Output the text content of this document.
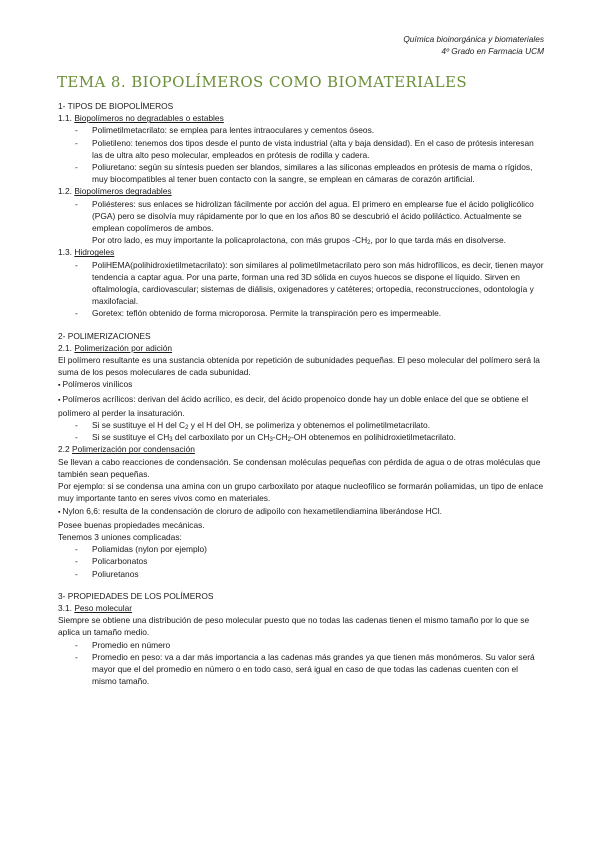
Química bioinorgánica y biomateriales
4º Grado en Farmacia UCM
TEMA 8. BIOPOLÍMEROS COMO BIOMATERIALES

1- TIPOS DE BIOPOLÍMEROS

1.1. Biopolímeros no degradables o estables

- Polimetilmetacrilato: se emplea para lentes intraoculares y cementos óseos.

- Polietileno: tenemos dos tipos desde el punto de vista industrial (alta y baja densidad). En el caso de prótesis interesan las de ultra alto peso molecular, empleados en prótesis de rodilla y cadera.

- Poliuretano: según su síntesis pueden ser blandos, similares a las siliconas empleados en prótesis de mama o rígidos, muy biocompatibles al tener buen contacto con la sangre, se emplean en cámaras de corazón artificial.

1.2. Biopolímeros degradables

- Poliésteres: sus enlaces se hidrolizan fácilmente por acción del agua. El primero en emplearse fue el ácido poliglicólico (PGA) pero se disolvía muy rápidamente por lo que en los años 80 se descubrió el ácido poliláctico. Actualmente se emplean copolímeros de ambos.

Por otro lado, es muy importante la policaprolactona, con más grupos $-CH_2$, por lo que tarda más en disolverse.

1.3. Hidrogeles

- PoliHEMA(polihidroxietilmetacrilato): son similares al polimetilmetacrilato pero son más hidrofílicos, es decir, tienen mayor tendencia a captar agua. Por una parte, forman una red 3D sólida en cuyos huecos se dispone el líquido. Sirven en oftalmología, cardiovascular; sistemas de diálisis, oxigenadores y catéteres; ortopedia, reconstrucciones, odontología y maxilofacial.

- Goretex: teflón obtenido de forma microporosa. Permite la transpiración pero es impermeable.

2- POLIMERIZACIONES

2.1. Polimerización por adición

El polímero resultante es una sustancia obtenida por repetición de subunidades pequeñas. El peso molecular del polímero será la suma de los pesos moleculares de cada subunidad.

▪ Polímeros vinílicos

▪ Polímeros acrílicos: derivan del ácido acrílico, es decir, del ácido propenoico donde hay un doble enlace del que se obtiene el polímero al perder la insaturación.

- Si se sustituye el H del $C_2$ y el H del OH, se polimeriza y obtenemos el polimetilmetacrilato.

- Si se sustituye el $CH_3$ del carboxilato por un $CH_3-CH_2-OH$ obtenemos en polihidroxietilmetacrilato.

2.2 Polimerización por condensación

Se llevan a cabo reacciones de condensación. Se condensan moléculas pequeñas con pérdida de agua o de otras moléculas que también sean pequeñas.

Por ejemplo: si se condensa una amina con un grupo carboxilato por ataque nucleofílico se formarán poliamidas, un tipo de enlace muy importante tanto en seres vivos como en materiales.

▪ Nylon 6,6: resulta de la condensación de cloruro de adipoílo con hexametilendiamina liberándose HCl.

Posee buenas propiedades mecánicas.

Tenemos 3 uniones complicadas:

- Poliamidas (nylon por ejemplo)

- Policarbonatos

- Poliuretanos

3- PROPIEDADES DE LOS POLÍMEROS

3.1. Peso molecular

Siempre se obtiene una distribución de peso molecular puesto que no todas las cadenas tienen el mismo tamaño por lo que se aplica un tamaño medio.

- Promedio en número

- Promedio en peso: va a dar más importancia a las cadenas más grandes ya que tienen más monómeros. Su valor será mayor que el del promedio en número o en todo caso, será igual en caso de que todas las cadenas cuenten con el mismo tamaño.
